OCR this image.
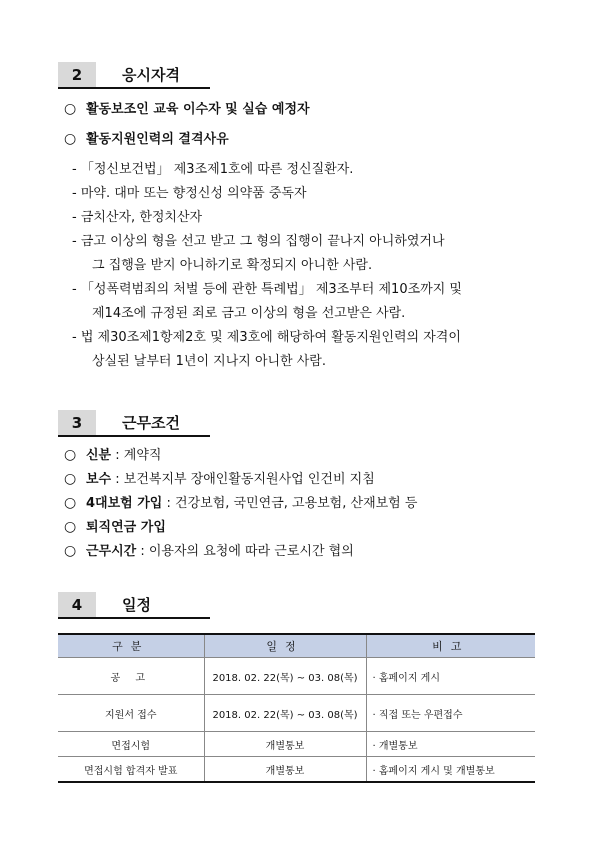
2	응시자격
○ 활동보조인 교육 이수자 및 실습 예정자
○ 활동지원인력의 결격사유
- 「정신보건법」 제3조제1호에 따른 정신질환자.
- 마약. 대마 또는 향정신성 의약품 중독자
- 금치산자, 한정치산자
- 금고 이상의 형을 선고 받고 그 형의 집행이 끝나지 아니하였거나
그 집행을 받지 아니하기로 확정되지 아니한 사람.
- 「성폭력범죄의 처벌 등에 관한 특례법」 제3조부터 제10조까지 및
제14조에 규정된 죄로 금고 이상의 형을 선고받은 사람.
- 법 제30조제1항제2호 및 제3호에 해당하여 활동지원인력의 자격이
상실된 날부터 1년이 지나지 아니한 사람.
3	근무조건
○ 신분 : 계약직
○ 보수 : 보건복지부 장애인활동지원사업 인건비 지침
○ 4대보험 가입 : 건강보험, 국민연금, 고용보험, 산재보험 등
○ 퇴직연금 가입
○ 근무시간 : 이용자의 요청에 따라 근로시간 협의
4	일정
구분	일정	비고
공 고	2018. 02. 22(목) ~ 03. 08(목)	· 홈페이지 게시
지원서 접수	2018. 02. 22(목) ~ 03. 08(목)	· 직접 또는 우편접수
면접시험	개별통보	· 개별통보
면접시험 합격자 발표	개별통보	· 홈페이지 게시 및 개별통보
